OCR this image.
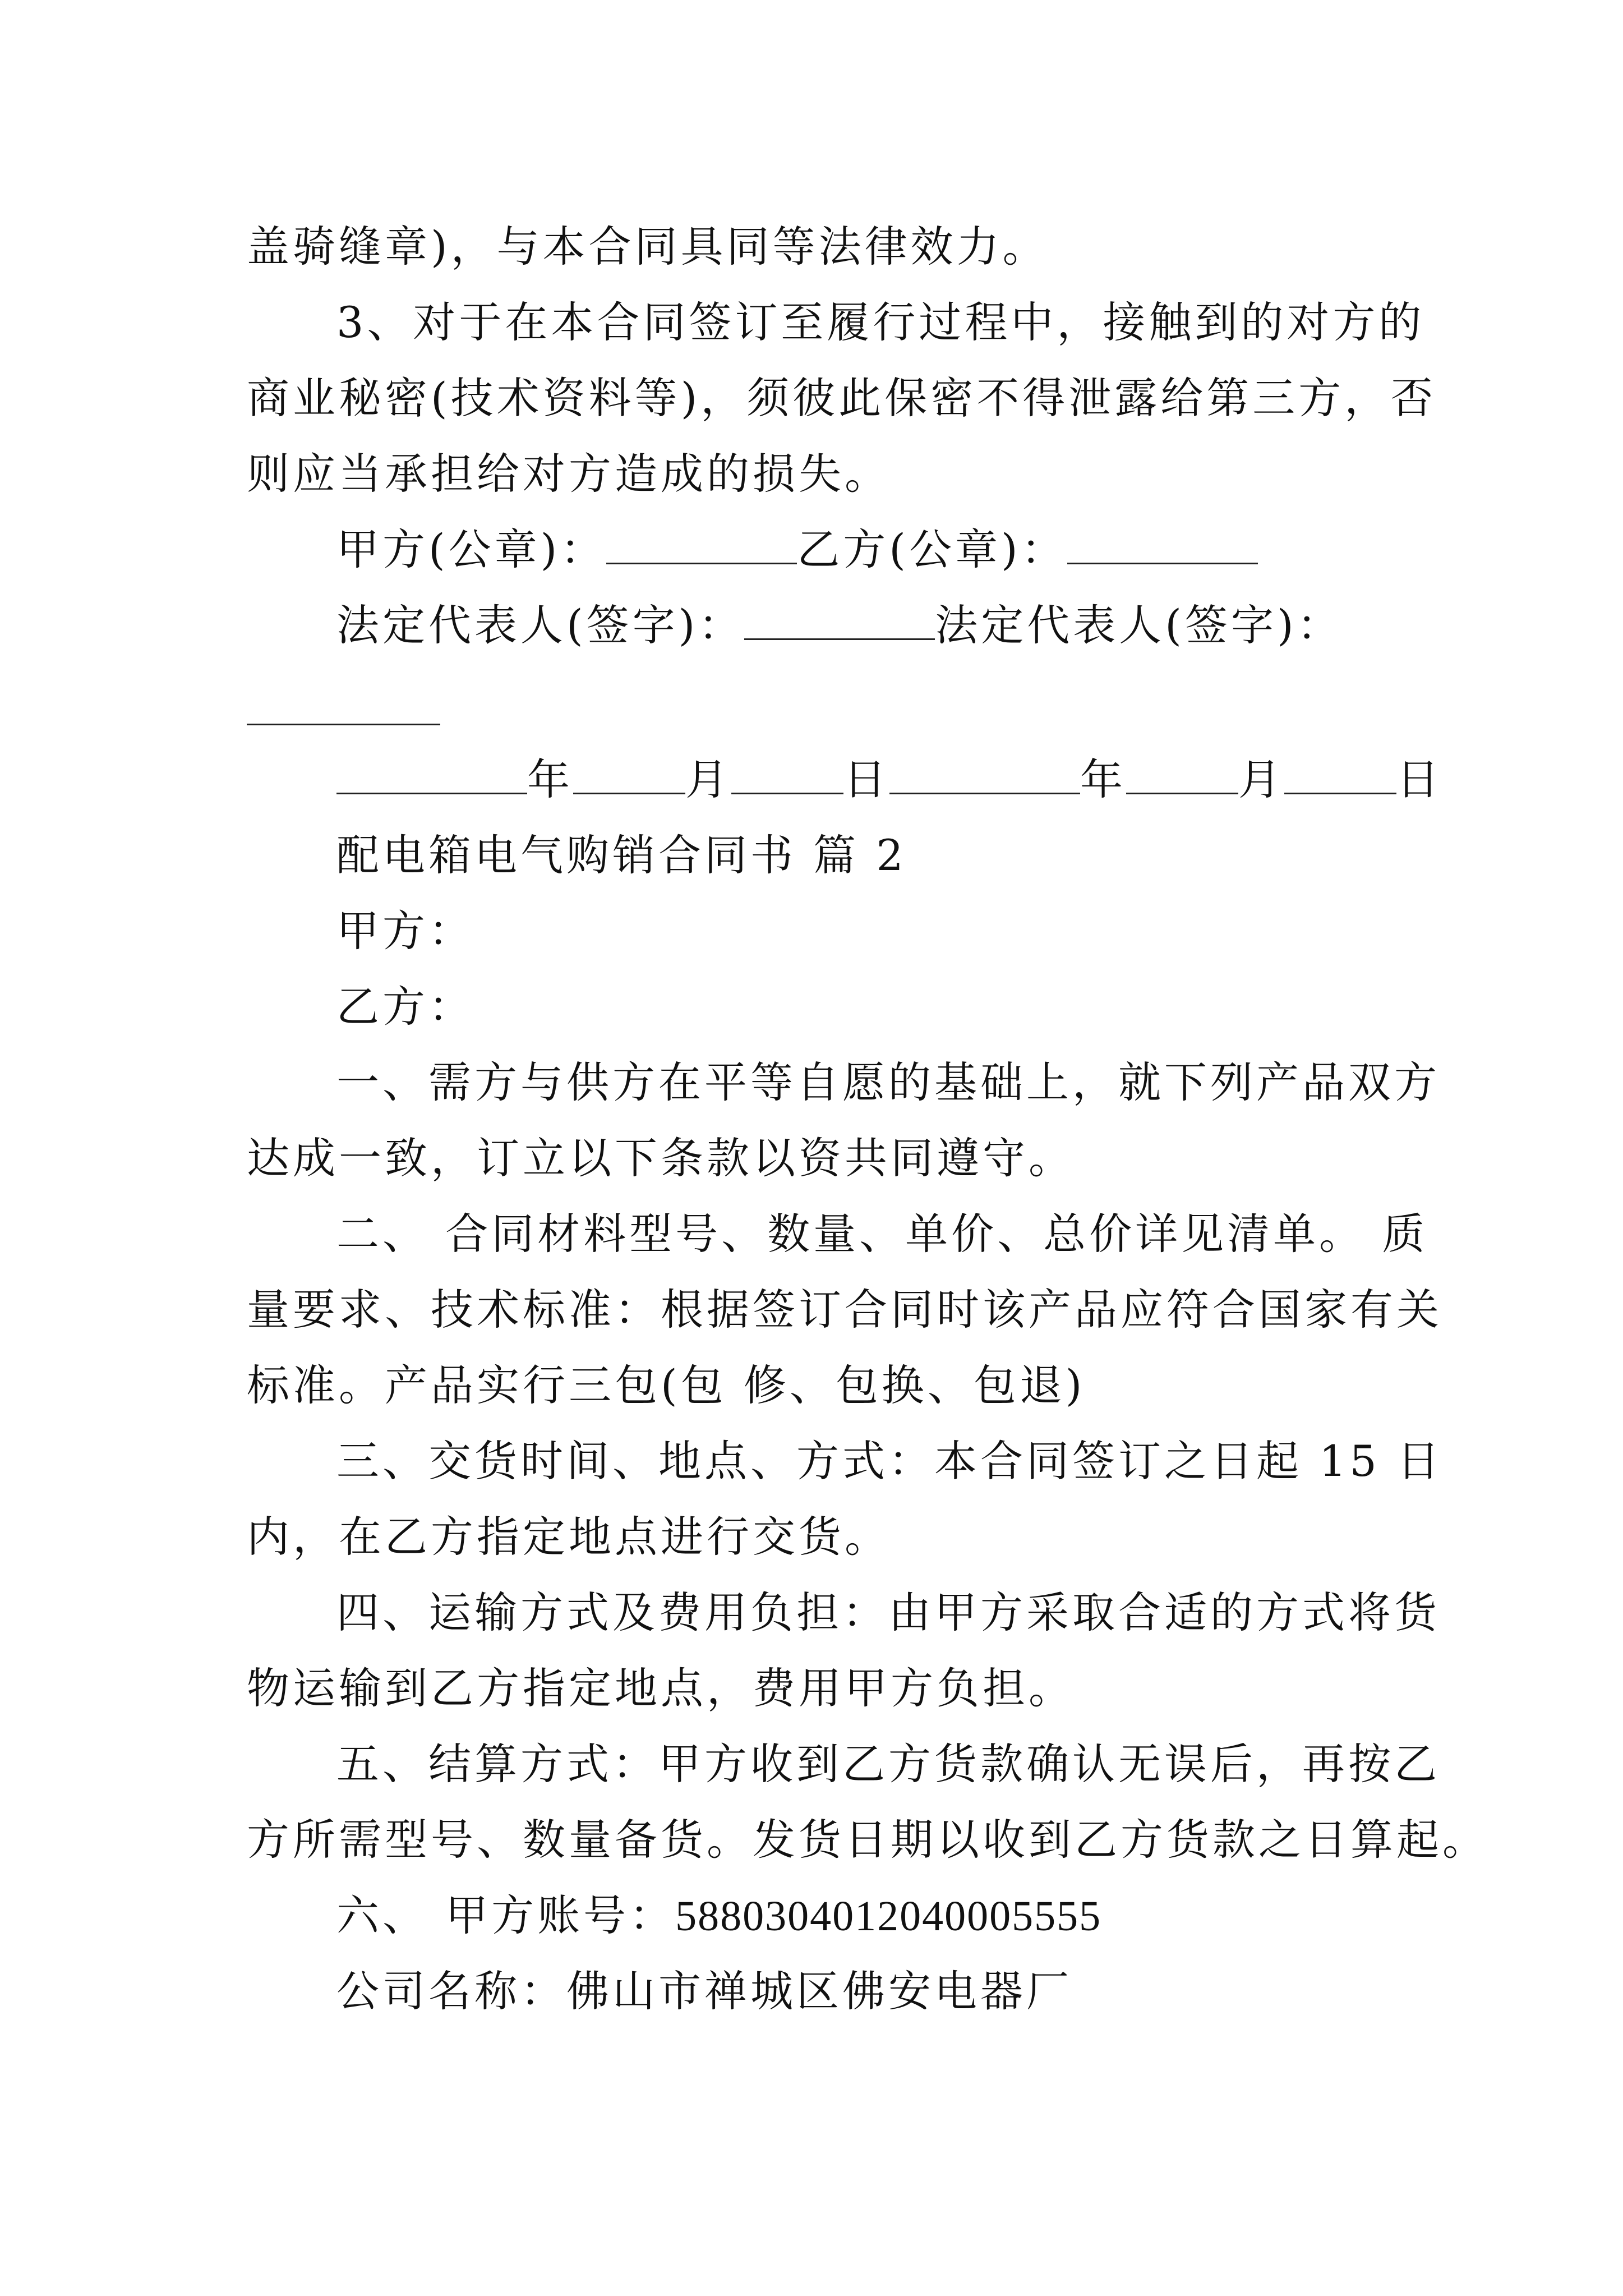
盖骑缝章)，与本合同具同等法律效力。
3、对于在本合同签订至履行过程中，接触到的对方的
商业秘密(技术资料等)，须彼此保密不得泄露给第三方，否
则应当承担给对方造成的损失。
甲方(公章)：	乙方(公章)：
法定代表人(签字)：	法定代表人(签字)：
年	月	日	年	月	日
配电箱电气购销合同书 篇 2
甲方：
乙方：
一、需方与供方在平等自愿的基础上，就下列产品双方
达成一致，订立以下条款以资共同遵守。
二、 合同材料型号、数量、单价、总价详见清单。 质
量要求、技术标准：根据签订合同时该产品应符合国家有关
标准。产品实行三包(包 修、包换、包退)
三、交货时间、地点、方式：本合同签订之日起 15 日
内，在乙方指定地点进行交货。
四、运输方式及费用负担：由甲方采取合适的方式将货
物运输到乙方指定地点，费用甲方负担。
五、结算方式：甲方收到乙方货款确认无误后，再按乙
方所需型号、数量备货。发货日期以收到乙方货款之日算起。
六、 甲方账号：5880304012040005555
公司名称：佛山市禅城区佛安电器厂
